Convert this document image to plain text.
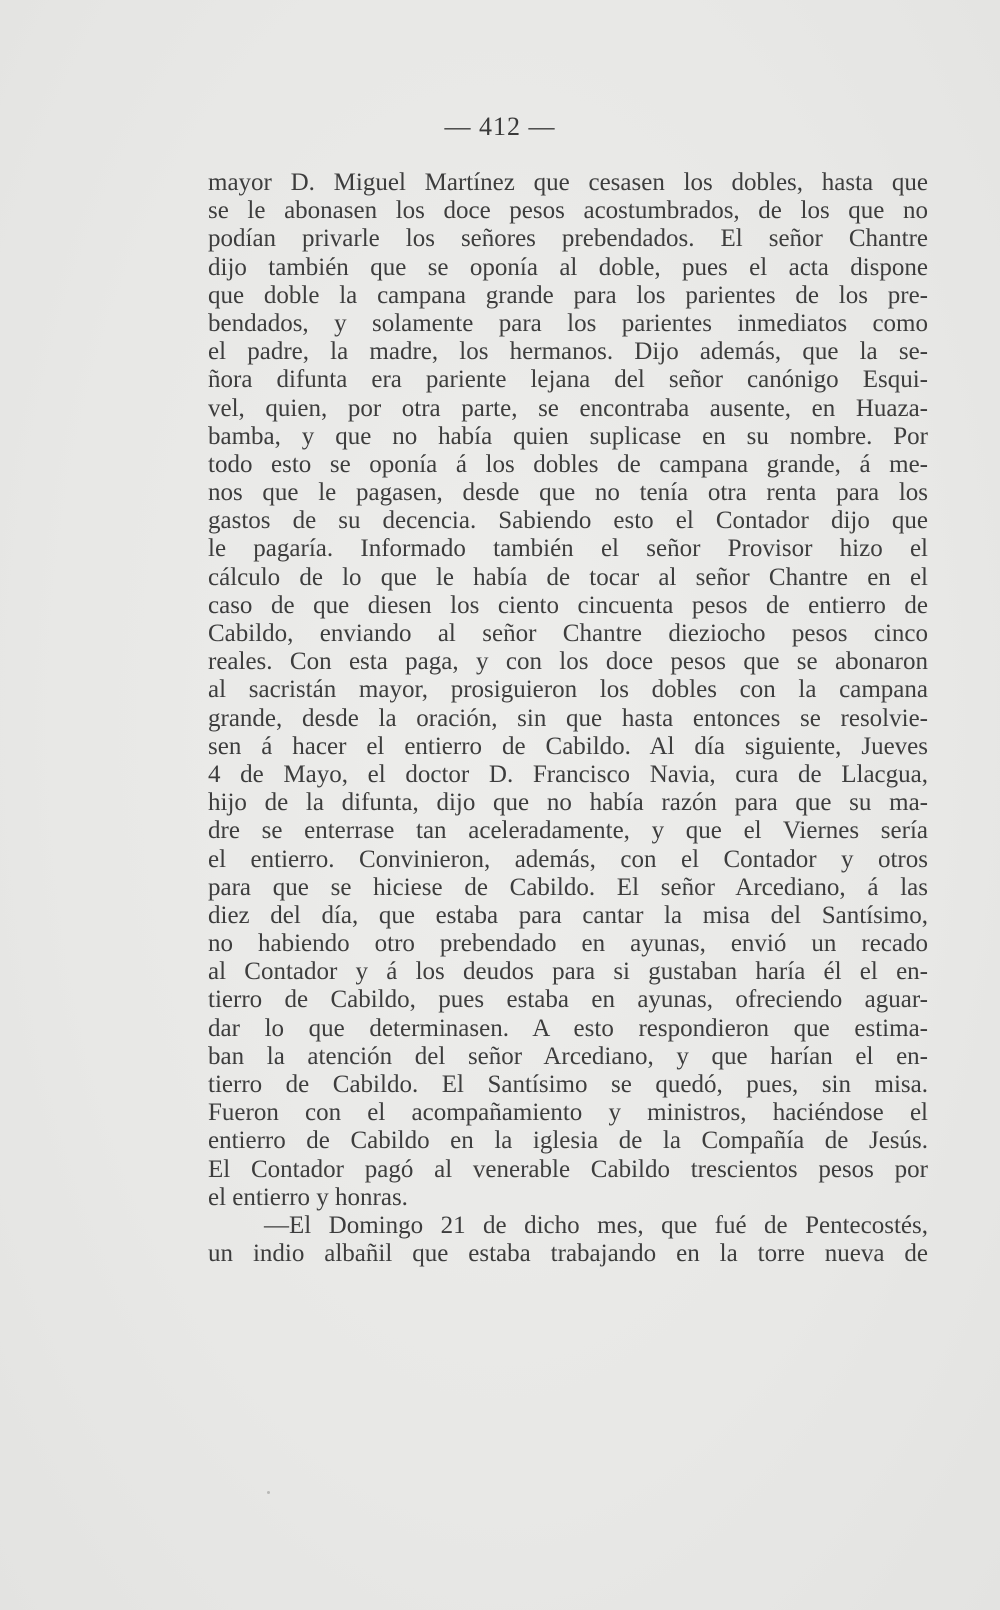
— 412 —
mayor D. Miguel Martínez que cesasen los dobles, hasta que
se le abonasen los doce pesos acostumbrados, de los que no
podían privarle los señores prebendados. El señor Chantre
dijo también que se oponía al doble, pues el acta dispone
que doble la campana grande para los parientes de los pre-
bendados, y solamente para los parientes inmediatos como
el padre, la madre, los hermanos. Dijo además, que la se-
ñora difunta era pariente lejana del señor canónigo Esqui-
vel, quien, por otra parte, se encontraba ausente, en Huaza-
bamba, y que no había quien suplicase en su nombre. Por
todo esto se oponía á los dobles de campana grande, á me-
nos que le pagasen, desde que no tenía otra renta para los
gastos de su decencia. Sabiendo esto el Contador dijo que
le pagaría. Informado también el señor Provisor hizo el
cálculo de lo que le había de tocar al señor Chantre en el
caso de que diesen los ciento cincuenta pesos de entierro de
Cabildo, enviando al señor Chantre dieziocho pesos cinco
reales. Con esta paga, y con los doce pesos que se abonaron
al sacristán mayor, prosiguieron los dobles con la campana
grande, desde la oración, sin que hasta entonces se resolvie-
sen á hacer el entierro de Cabildo. Al día siguiente, Jueves
4 de Mayo, el doctor D. Francisco Navia, cura de Llacgua,
hijo de la difunta, dijo que no había razón para que su ma-
dre se enterrase tan aceleradamente, y que el Viernes sería
el entierro. Convinieron, además, con el Contador y otros
para que se hiciese de Cabildo. El señor Arcediano, á las
diez del día, que estaba para cantar la misa del Santísimo,
no habiendo otro prebendado en ayunas, envió un recado
al Contador y á los deudos para si gustaban haría él el en-
tierro de Cabildo, pues estaba en ayunas, ofreciendo aguar-
dar lo que determinasen. A esto respondieron que estima-
ban la atención del señor Arcediano, y que harían el en-
tierro de Cabildo. El Santísimo se quedó, pues, sin misa.
Fueron con el acompañamiento y ministros, haciéndose el
entierro de Cabildo en la iglesia de la Compañía de Jesús.
El Contador pagó al venerable Cabildo trescientos pesos por
el entierro y honras.
—El Domingo 21 de dicho mes, que fué de Pentecostés,
un indio albañil que estaba trabajando en la torre nueva de
